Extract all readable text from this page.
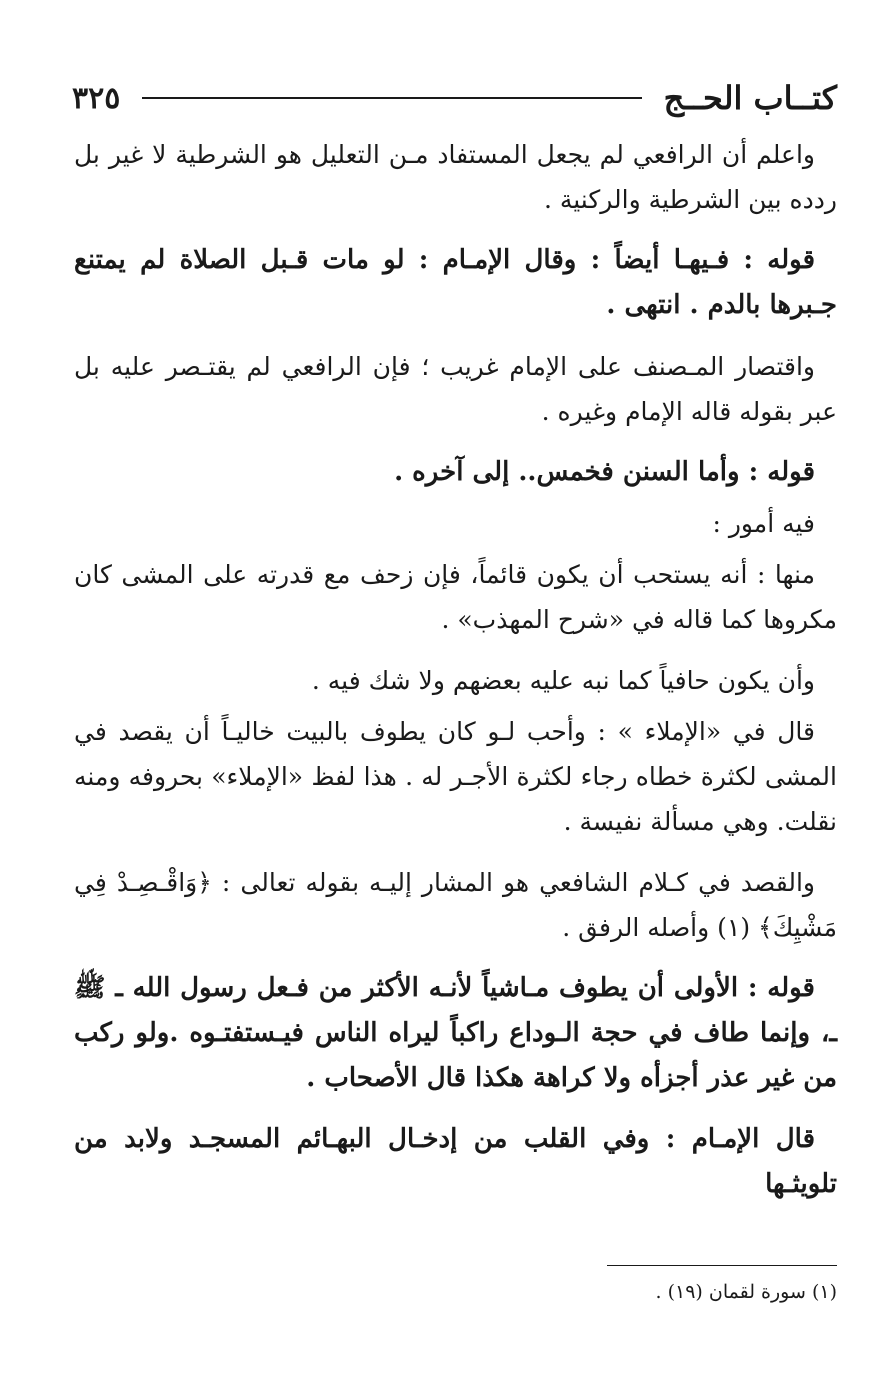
كتــاب الحــج
٣٢٥

واعلم أن الرافعي لم يجعل المستفاد مـن التعليل هو الشرطية لا غير بل ردده بين الشرطية والركنية .

قوله : فـيهـا أيضاً : وقال الإمـام : لو مات قـبل الصلاة لم يمتنع جـبرها بالدم . انتهى .

واقتصار المـصنف على الإمام غريب ؛ فإن الرافعي لم يقتـصر عليه بل عبر بقوله قاله الإمام وغيره .

قوله : وأما السنن فخمس.. إلى آخره .

فيه أمور :

منها : أنه يستحب أن يكون قائماً، فإن زحف مع قدرته على المشى كان مكروها كما قاله في «شرح المهذب» .

وأن يكون حافياً كما نبه عليه بعضهم ولا شك فيه .

قال في «الإملاء » : وأحب لـو كان يطوف بالبيت خاليـاً أن يقصد في المشى لكثرة خطاه رجاء لكثرة الأجـر له . هذا لفظ «الإملاء» بحروفه ومنه نقلت. وهي مسألة نفيسة .

والقصد في كـلام الشافعي هو المشار إليـه بقوله تعالى : ﴿وَاقْـصِـدْ فِي مَشْيِكَ﴾ (١) وأصله الرفق .

قوله : الأولى أن يطوف مـاشياً لأنـه الأكثر من فـعل رسول الله ـ ﷺ ـ، وإنما طاف في حجة الـوداع راكباً ليراه الناس فيـستفتـوه .ولو ركب من غير عذر أجزأه ولا كراهة هكذا قال الأصحاب .

قال الإمـام : وفي القلب من إدخـال البهـائم المسجـد ولابد من تلويثـها

(١) سورة لقمان (١٩) .
